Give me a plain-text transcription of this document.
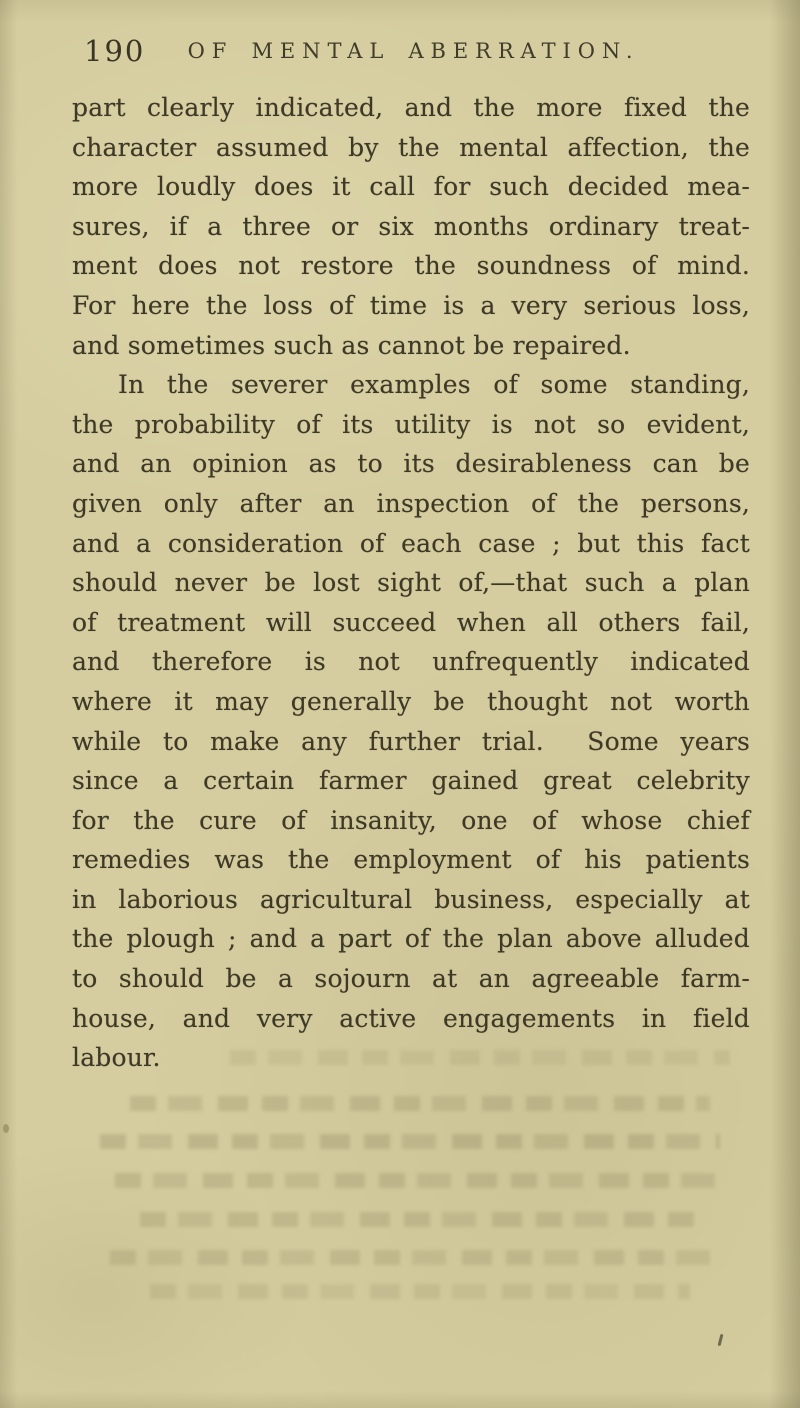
190 OF MENTAL ABERRATION.
part clearly indicated, and the more fixed the
character assumed by the mental affection, the
more loudly does it call for such decided mea-
sures, if a three or six months ordinary treat-
ment does not restore the soundness of mind.
For here the loss of time is a very serious loss,
and sometimes such as cannot be repaired.
In the severer examples of some standing,
the probability of its utility is not so evident,
and an opinion as to its desirableness can be
given only after an inspection of the persons,
and a consideration of each case ; but this fact
should never be lost sight of,—that such a plan
of treatment will succeed when all others fail,
and therefore is not unfrequently indicated
where it may generally be thought not worth
while to make any further trial.  Some years
since a certain farmer gained great celebrity
for the cure of insanity, one of whose chief
remedies was the employment of his patients
in laborious agricultural business, especially at
the plough ; and a part of the plan above alluded
to should be a sojourn at an agreeable farm-
house, and very active engagements in field
labour.
